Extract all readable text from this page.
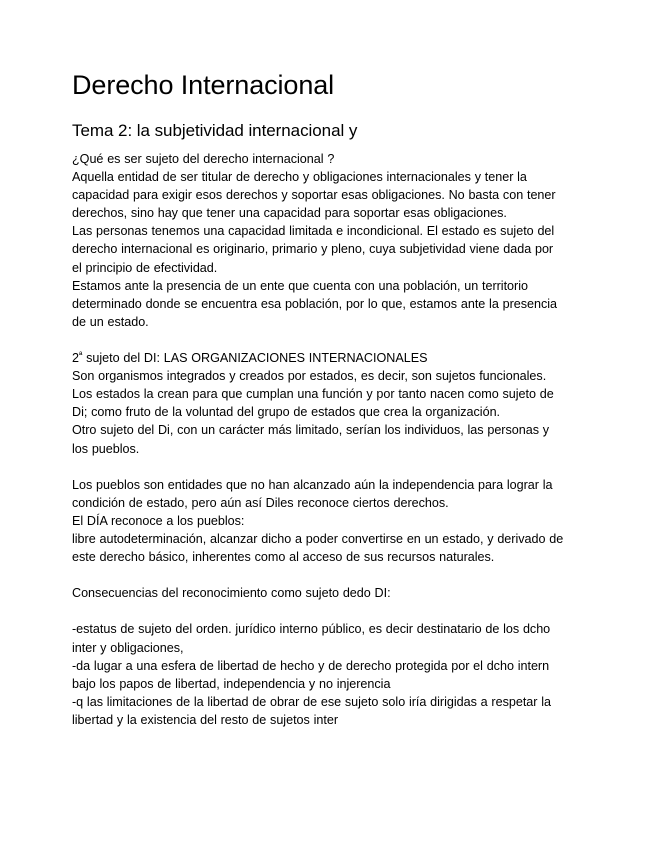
Derecho Internacional
Tema 2: la subjetividad internacional y

¿Qué es ser sujeto del derecho internacional ?
Aquella entidad de ser titular de derecho y obligaciones internacionales y tener la
capacidad para exigir esos derechos y soportar esas obligaciones. No basta con tener
derechos, sino hay que tener una capacidad para soportar esas obligaciones.
Las personas tenemos una capacidad limitada e incondicional. El estado es sujeto del
derecho internacional es originario, primario y pleno, cuya subjetividad viene dada por
el principio de efectividad.
Estamos ante la presencia de un ente que cuenta con una población, un territorio
determinado donde se encuentra esa población, por lo que, estamos ante la presencia
de un estado.

$2^ª$ sujeto del DI: LAS ORGANIZACIONES INTERNACIONALES
Son organismos integrados y creados por estados, es decir, son sujetos funcionales.
Los estados la crean para que cumplan una función y por tanto nacen como sujeto de
Di; como fruto de la voluntad del grupo de estados que crea la organización.
Otro sujeto del Di, con un carácter más limitado, serían los individuos, las personas y
los pueblos.

Los pueblos son entidades que no han alcanzado aún la independencia para lograr la
condición de estado, pero aún así Diles reconoce ciertos derechos.
El DÍA reconoce a los pueblos:
libre autodeterminación, alcanzar dicho a poder convertirse en un estado, y derivado de
este derecho básico, inherentes como al acceso de sus recursos naturales.

Consecuencias del reconocimiento como sujeto dedo DI:

-estatus de sujeto del orden. jurídico interno público, es decir destinatario de los dcho
inter y obligaciones,
-da lugar a una esfera de libertad de hecho y de derecho protegida por el dcho intern
bajo los papos de libertad, independencia y no injerencia
-q las limitaciones de la libertad de obrar de ese sujeto solo iría dirigidas a respetar la
libertad y la existencia del resto de sujetos inter
